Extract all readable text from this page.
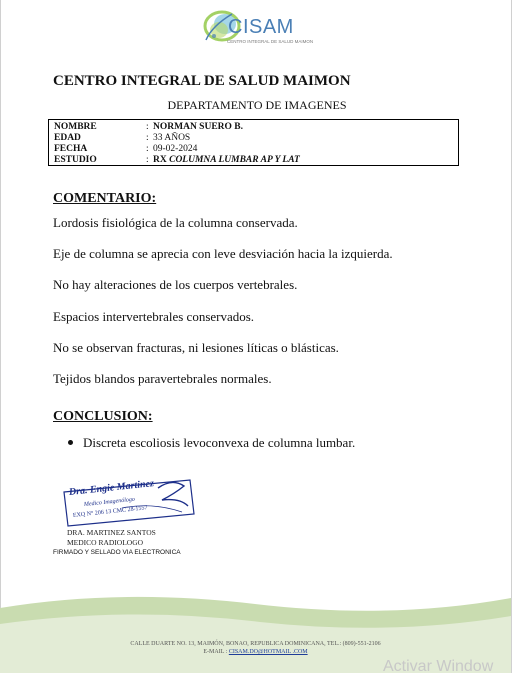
CISAM
CENTRO INTEGRAL DE SALUD MAIMON
CENTRO INTEGRAL DE SALUD MAIMON
DEPARTAMENTO DE IMAGENES
NOMBRE	: NORMAN SUERO B.
EDAD	: 33 AÑOS
FECHA	: 09-02-2024
ESTUDIO	: RX COLUMNA LUMBAR AP Y LAT
COMENTARIO:
Lordosis fisiológica de la columna conservada.
Eje de columna se aprecia con leve desviación hacia la izquierda.
No hay alteraciones de los cuerpos vertebrales.
Espacios intervertebrales conservados.
No se observan fracturas, ni lesiones líticas o blásticas.
Tejidos blandos paravertebrales normales.
CONCLUSION:
Discreta escoliosis levoconvexa de columna lumbar.
Dra. Engie Martinez
Medico Imagenólogo
EXQ N° 206 13 CMC 28-1557
DRA. MARTINEZ SANTOS
MEDICO RADIOLOGO
FIRMADO Y SELLADO VIA ELECTRONICA
CALLE DUARTE NO. 13, MAIMÓN, BONAO, REPUBLICA DOMINICANA, TEL.: (809)-551-2106
E-MAIL : CISAM.DO@HOTMAIL .COM
Activar Window
